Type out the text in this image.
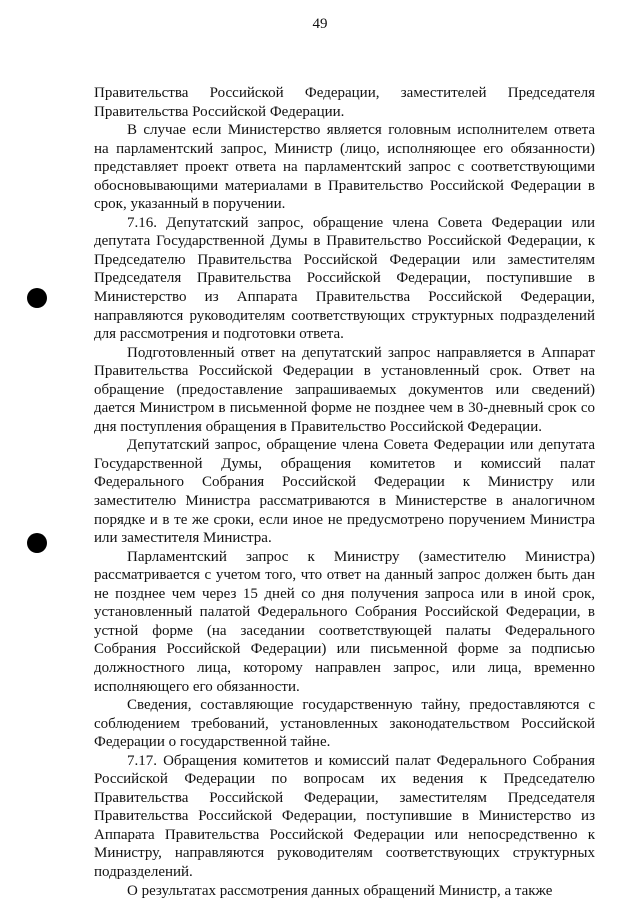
49

Правительства Российской Федерации, заместителей Председателя Правительства Российской Федерации.

В случае если Министерство является головным исполнителем ответа на парламентский запрос, Министр (лицо, исполняющее его обязанности) представляет проект ответа на парламентский запрос с соответствующими обосновывающими материалами в Правительство Российской Федерации в срок, указанный в поручении.

7.16. Депутатский запрос, обращение члена Совета Федерации или депутата Государственной Думы в Правительство Российской Федерации, к Председателю Правительства Российской Федерации или заместителям Председателя Правительства Российской Федерации, поступившие в Министерство из Аппарата Правительства Российской Федерации, направляются руководителям соответствующих структурных подразделений для рассмотрения и подготовки ответа.

Подготовленный ответ на депутатский запрос направляется в Аппарат Правительства Российской Федерации в установленный срок. Ответ на обращение (предоставление запрашиваемых документов или сведений) дается Министром в письменной форме не позднее чем в 30-дневный срок со дня поступления обращения в Правительство Российской Федерации.

Депутатский запрос, обращение члена Совета Федерации или депутата Государственной Думы, обращения комитетов и комиссий палат Федерального Собрания Российской Федерации к Министру или заместителю Министра рассматриваются в Министерстве в аналогичном порядке и в те же сроки, если иное не предусмотрено поручением Министра или заместителя Министра.

Парламентский запрос к Министру (заместителю Министра) рассматривается с учетом того, что ответ на данный запрос должен быть дан не позднее чем через 15 дней со дня получения запроса или в иной срок, установленный палатой Федерального Собрания Российской Федерации, в устной форме (на заседании соответствующей палаты Федерального Собрания Российской Федерации) или письменной форме за подписью должностного лица, которому направлен запрос, или лица, временно исполняющего его обязанности.

Сведения, составляющие государственную тайну, предоставляются с соблюдением требований, установленных законодательством Российской Федерации о государственной тайне.

7.17. Обращения комитетов и комиссий палат Федерального Собрания Российской Федерации по вопросам их ведения к Председателю Правительства Российской Федерации, заместителям Председателя Правительства Российской Федерации, поступившие в Министерство из Аппарата Правительства Российской Федерации или непосредственно к Министру, направляются руководителям соответствующих структурных подразделений.

О результатах рассмотрения данных обращений Министр, а также
